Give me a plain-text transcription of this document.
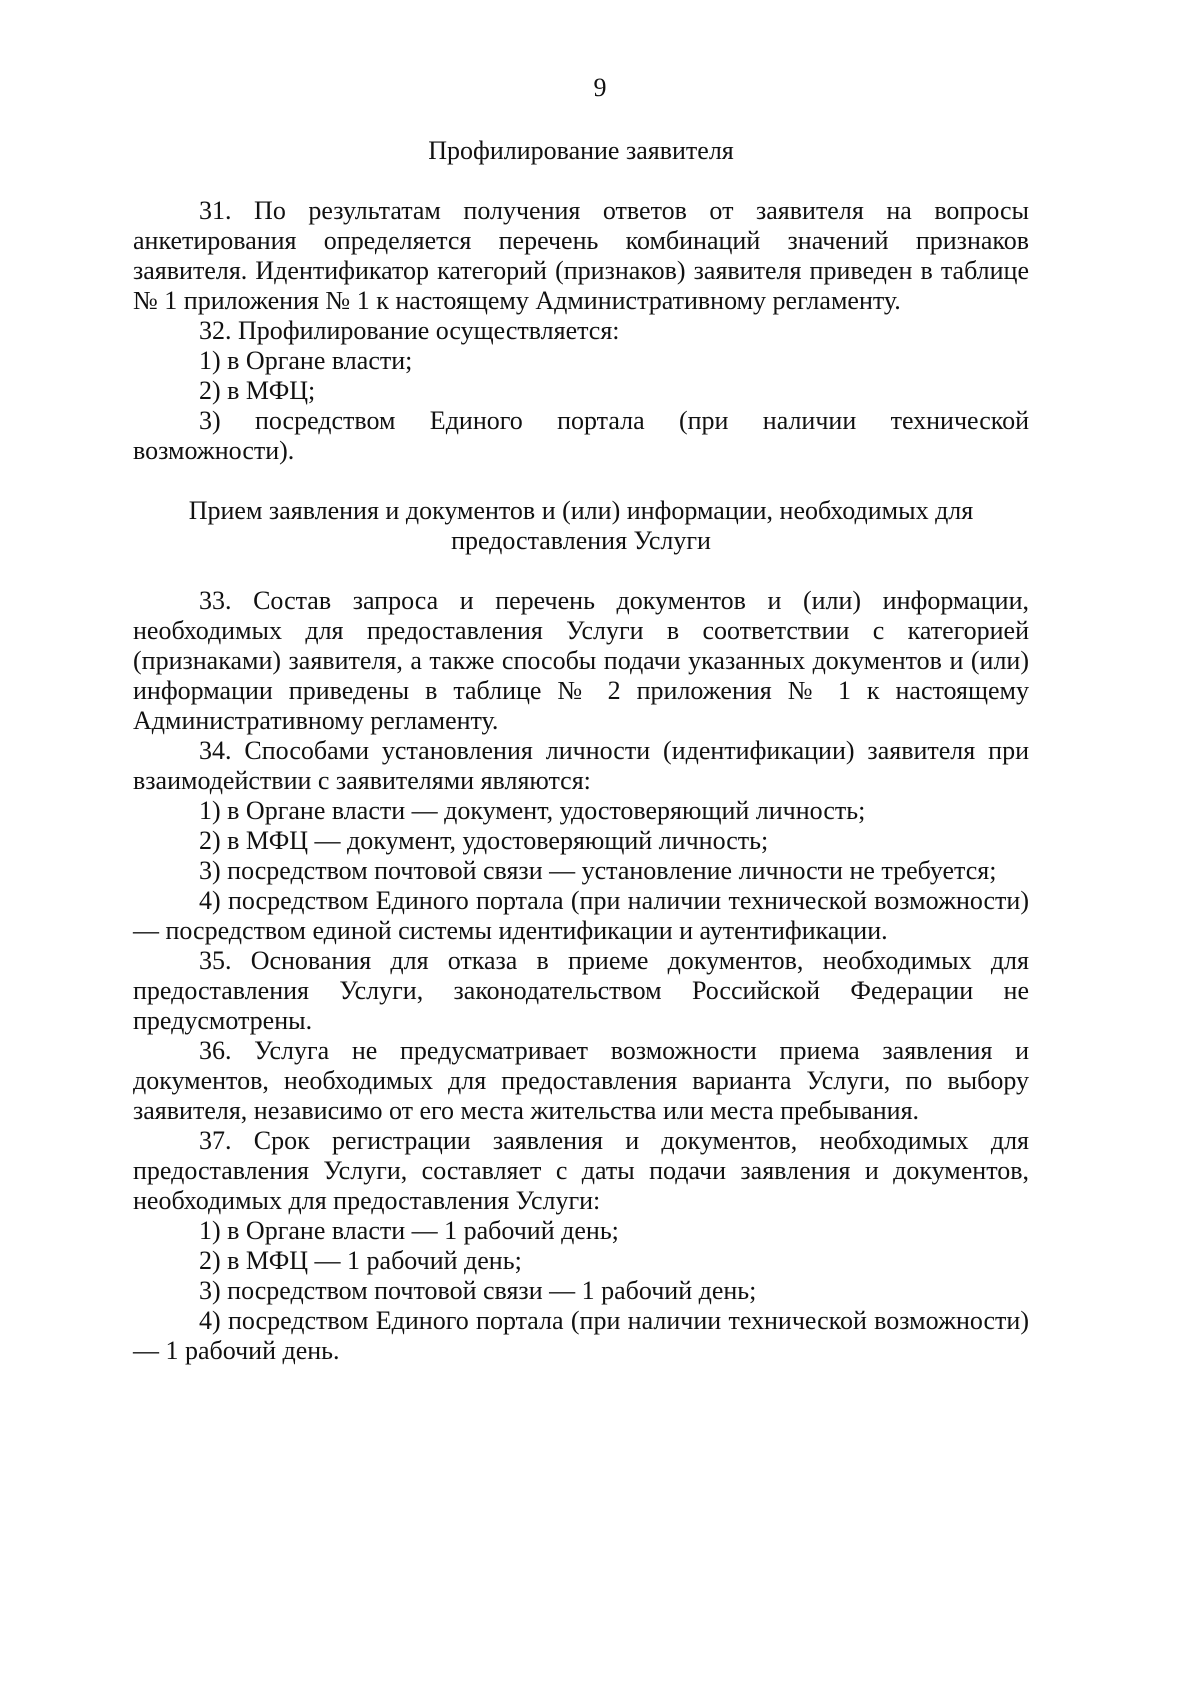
9
Профилирование заявителя
31. По результатам получения ответов от заявителя на вопросы анкетирования определяется перечень комбинаций значений признаков заявителя. Идентификатор категорий (признаков) заявителя приведен в таблице № 1 приложения № 1 к настоящему Административному регламенту.
32. Профилирование осуществляется:
1) в Органе власти;
2) в МФЦ;
3) посредством Единого портала (при наличии технической возможности).
Прием заявления и документов и (или) информации, необходимых для предоставления Услуги
33. Состав запроса и перечень документов и (или) информации, необходимых для предоставления Услуги в соответствии с категорией (признаками) заявителя, а также способы подачи указанных документов и (или) информации приведены в таблице № 2 приложения № 1 к настоящему Административному регламенту.
34. Способами установления личности (идентификации) заявителя при взаимодействии с заявителями являются:
1) в Органе власти — документ, удостоверяющий личность;
2) в МФЦ — документ, удостоверяющий личность;
3) посредством почтовой связи — установление личности не требуется;
4) посредством Единого портала (при наличии технической возможности) — посредством единой системы идентификации и аутентификации.
35. Основания для отказа в приеме документов, необходимых для предоставления Услуги, законодательством Российской Федерации не предусмотрены.
36. Услуга не предусматривает возможности приема заявления и документов, необходимых для предоставления варианта Услуги, по выбору заявителя, независимо от его места жительства или места пребывания.
37. Срок регистрации заявления и документов, необходимых для предоставления Услуги, составляет с даты подачи заявления и документов, необходимых для предоставления Услуги:
1) в Органе власти — 1 рабочий день;
2) в МФЦ — 1 рабочий день;
3) посредством почтовой связи — 1 рабочий день;
4) посредством Единого портала (при наличии технической возможности) — 1 рабочий день.
